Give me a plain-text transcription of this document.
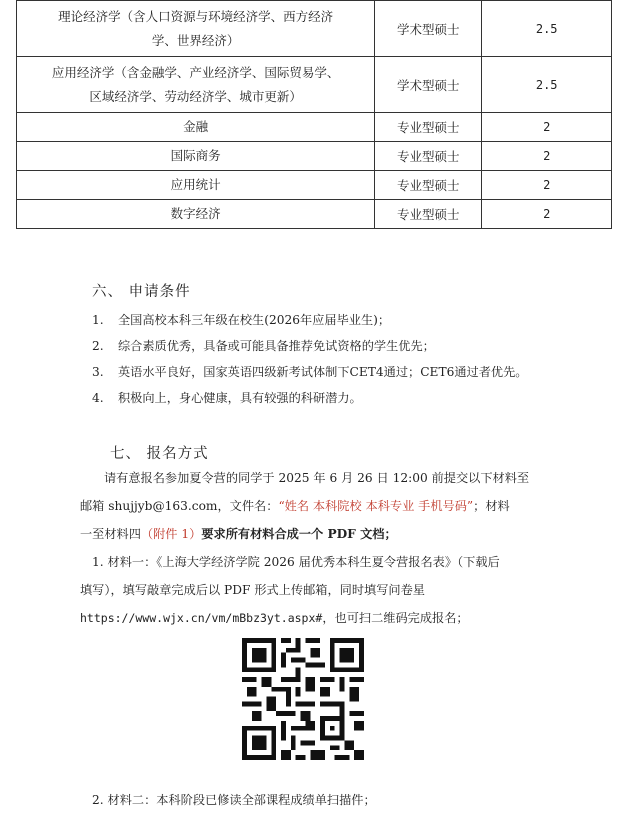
理论经济学（含人口资源与环境经济学、西方经济
学、世界经济）	学术型硕士	2.5

应用经济学（含金融学、产业经济学、国际贸易学、
区域经济学、劳动经济学、城市更新）	学术型硕士	2.5
金融	专业型硕士	2
国际商务	专业型硕士	2
应用统计	专业型硕士	2
数字经济	专业型硕士	2
六、 申请条件
1. 全国高校本科三年级在校生(2026年应届毕业生)；
2. 综合素质优秀，具备或可能具备推荐免试资格的学生优先；
3. 英语水平良好，国家英语四级新考试体制下CET4通过；CET6通过者优先。
4. 积极向上，身心健康，具有较强的科研潜力。
七、 报名方式
请有意报名参加夏令营的同学于 2025 年 6 月 26 日 12:00 前提交以下材料至
邮箱 shujjyb@163.com，文件名：“姓名 本科院校 本科专业 手机号码”；材料
一至材料四（附件 1）要求所有材料合成一个 PDF 文档；
1. 材料一：《上海大学经济学院 2026 届优秀本科生夏令营报名表》（下载后
填写），填写敲章完成后以 PDF 形式上传邮箱，同时填写问卷星
https://www.wjx.cn/vm/mBbz3yt.aspx#，也可扫二维码完成报名；
2. 材料二：本科阶段已修读全部课程成绩单扫描件；
